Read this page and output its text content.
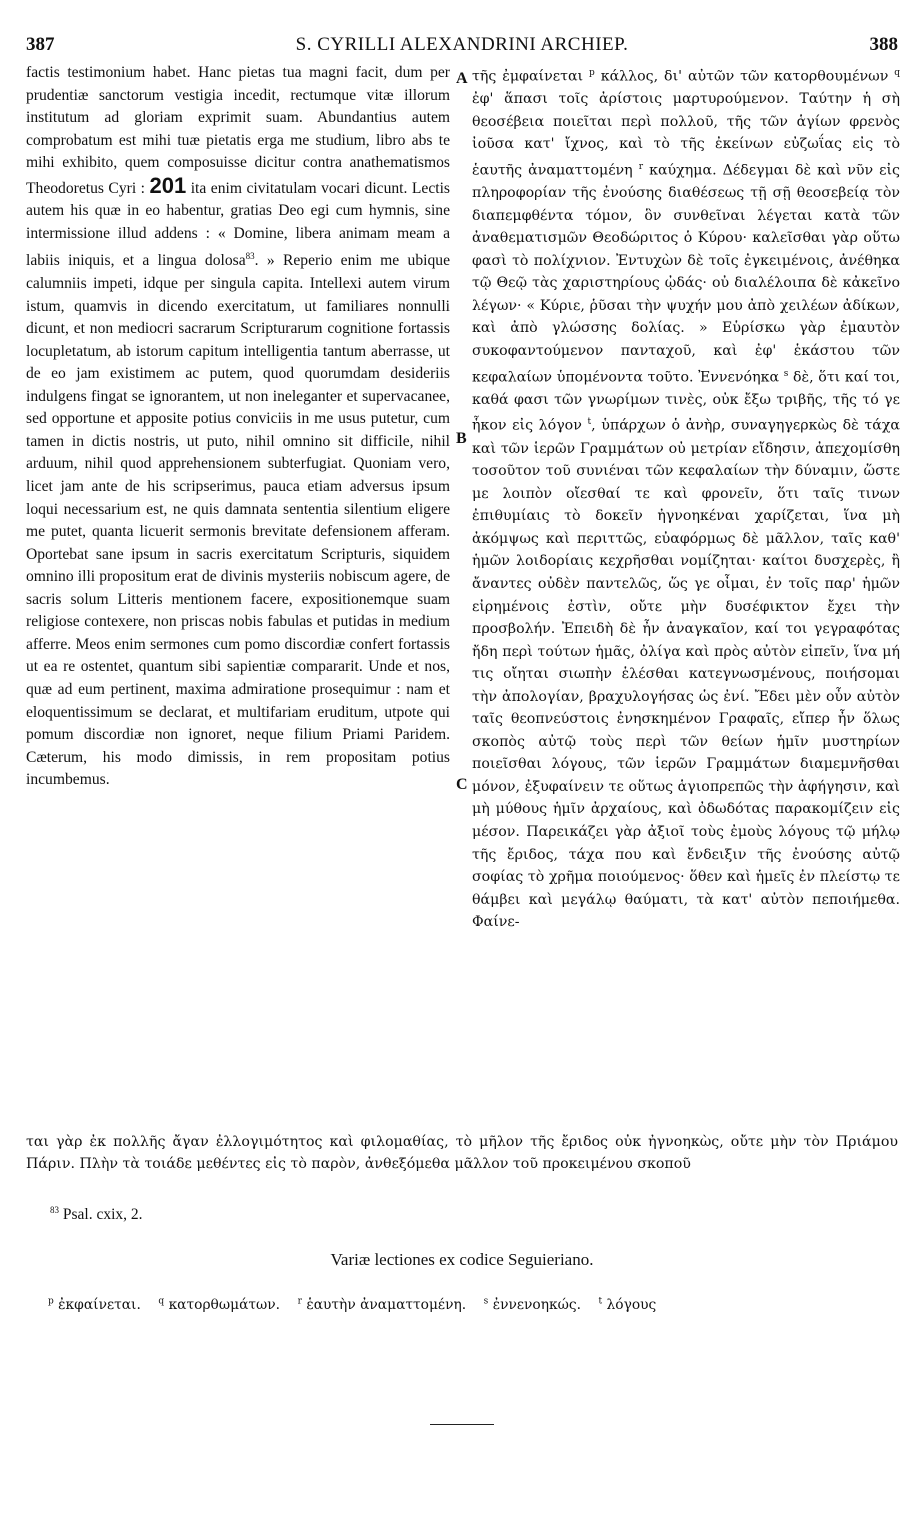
387	S. CYRILLI ALEXANDRINI ARCHIEP.	388

factis testimonium habet. Hanc pietas tua magni facit, dum per prudentiæ sanctorum vestigia incedit, rectumque vitæ illorum institutum ad gloriam exprimit suam. Abundantius autem comprobatum est mihi tuæ pietatis erga me studium, libro abs te mihi exhibito, quem composuisse dicitur contra anathematismos Theodoretus Cyri : 201 ita enim civitatulam vocari dicunt. Lectis autem his quæ in eo habentur, gratias Deo egi cum hymnis, sine intermissione illud addens : « Domine, libera animam meam a labiis iniquis, et a lingua dolosa$^{83}$. » Reperio enim me ubique calumniis impeti, idque per singula capita. Intellexi autem virum istum, quamvis in dicendo exercitatum, ut familiares nonnulli dicunt, et non mediocri sacrarum Scripturarum cognitione fortassis locupletatum, ab istorum capitum intelligentia tantum aberrasse, ut de eo jam existimem ac putem, quod quorumdam desideriis indulgens fingat se ignorantem, ut non ineleganter et supervacanee, sed opportune et apposite potius conviciis in me usus putetur, cum tamen in dictis nostris, ut puto, nihil omnino sit difficile, nihil arduum, nihil quod apprehensionem subterfugiat. Quoniam vero, licet jam ante de his scripserimus, pauca etiam adversus ipsum loqui necessarium est, ne quis damnata sententia silentium eligere me putet, quanta licuerit sermonis brevitate defensionem afferam. Oportebat sane ipsum in sacris exercitatum Scripturis, siquidem omnino illi propositum erat de divinis mysteriis nobiscum agere, de sacris solum Litteris mentionem facere, expositionemque suam religiose contexere, non priscas nobis fabulas et putidas in medium afferre. Meos enim sermones cum pomo discordiæ confert fortassis ut ea re ostentet, quantum sibi sapientiæ compararit. Unde et nos, quæ ad eum pertinent, maxima admiratione prosequimur : nam et eloquentissimum se declarat, et multifariam eruditum, utpote qui pomum discordiæ non ignoret, neque filium Priami Paridem. Cæterum, his modo dimissis, in rem propositam potius incumbemus.

A
B
C

τῆς ἐμφαίνεται $^p$ κάλλος, δι' αὐτῶν τῶν κατορθουμένων $^q$ ἐφ' ἅπασι τοῖς ἀρίστοις μαρτυρούμενον. Ταύτην ἡ σὴ θεοσέβεια ποιεῖται περὶ πολλοῦ, τῆς τῶν ἁγίων φρενὸς ἰοῦσα κατ' ἴχνος, καὶ τὸ τῆς ἐκείνων εὐζωΐας εἰς τὸ ἑαυτῆς ἀναματτομένη $^r$ καύχημα. Δέδεγμαι δὲ καὶ νῦν εἰς πληροφορίαν τῆς ἐνούσης διαθέσεως τῇ σῇ θεοσεβείᾳ τὸν διαπεμφθέντα τόμον, ὃν συνθεῖναι λέγεται κατὰ τῶν ἀναθεματισμῶν Θεοδώριτος ὁ Κύρου· καλεῖσθαι γὰρ οὕτω φασὶ τὸ πολίχνιον. Ἐντυχὼν δὲ τοῖς ἐγκειμένοις, ἀνέθηκα τῷ Θεῷ τὰς χαριστηρίους ᾠδάς· οὐ διαλέλοιπα δὲ κἀκεῖνο λέγων· « Κύριε, ῥῦσαι τὴν ψυχήν μου ἀπὸ χειλέων ἀδίκων, καὶ ἀπὸ γλώσσης δολίας. » Εὑρίσκω γὰρ ἐμαυτὸν συκοφαντούμενον πανταχοῦ, καὶ ἐφ' ἑκάστου τῶν κεφαλαίων ὑπομένοντα τοῦτο. Ἐννενόηκα $^s$ δὲ, ὅτι καί τοι, καθά φασι τῶν γνωρίμων τινὲς, οὐκ ἔξω τριβῆς, τῆς τό γε ἧκον εἰς λόγον $^t$, ὑπάρχων ὁ ἀνὴρ, συναγηγερκὼς δὲ τάχα καὶ τῶν ἱερῶν Γραμμάτων οὐ μετρίαν εἴδησιν, ἀπεχομίσθη τοσοῦτον τοῦ συνιέναι τῶν κεφαλαίων τὴν δύναμιν, ὥστε με λοιπὸν οἴεσθαί τε καὶ φρονεῖν, ὅτι ταῖς τινων ἐπιθυμίαις τὸ δοκεῖν ἠγνοηκέναι χαρίζεται, ἵνα μὴ ἀκόμψως καὶ περιττῶς, εὐαφόρμως δὲ μᾶλλον, ταῖς καθ' ἡμῶν λοιδορίαις κεχρῆσθαι νομίζηται· καίτοι δυσχερὲς, ἢ ἄναντες οὐδὲν παντελῶς, ὥς γε οἶμαι, ἐν τοῖς παρ' ἡμῶν εἰρημένοις ἐστὶν, οὔτε μὴν δυσέφικτον ἔχει τὴν προσβολήν. Ἐπειδὴ δὲ ἦν ἀναγκαῖον, καί τοι γεγραφότας ἤδη περὶ τούτων ἡμᾶς, ὀλίγα καὶ πρὸς αὐτὸν εἰπεῖν, ἵνα μή τις οἴηται σιωπὴν ἑλέσθαι κατεγνωσμένους, ποιήσομαι τὴν ἀπολογίαν, βραχυλογήσας ὡς ἐνί. Ἔδει μὲν οὖν αὐτὸν ταῖς θεοπνεύστοις ἐνησκημένον Γραφαῖς, εἴπερ ἦν ὅλως σκοπὸς αὐτῷ τοὺς περὶ τῶν θείων ἡμῖν μυστηρίων ποιεῖσθαι λόγους, τῶν ἱερῶν Γραμμάτων διαμεμνῆσθαι μόνον, ἐξυφαίνειν τε οὕτως ἁγιοπρεπῶς τὴν ἀφήγησιν, καὶ μὴ μύθους ἡμῖν ἀρχαίους, καὶ ὀδωδότας παρακομίζειν εἰς μέσον. Παρεικάζει γὰρ ἀξιοῖ τοὺς ἐμοὺς λόγους τῷ μήλῳ τῆς ἔριδος, τάχα που καὶ ἔνδειξιν τῆς ἐνούσης αὐτῷ σοφίας τὸ χρῆμα ποιούμενος· ὅθεν καὶ ἡμεῖς ἐν πλείστῳ τε θάμβει καὶ μεγάλῳ θαύματι, τὰ κατ' αὐτὸν πεποιήμεθα. Φαίνε-

ται γὰρ ἐκ πολλῆς ἄγαν ἐλλογιμότητος καὶ φιλομαθίας, τὸ μῆλον τῆς ἔριδος οὐκ ἠγνοηκὼς, οὔτε μὴν τὸν Πριάμου Πάριν. Πλὴν τὰ τοιάδε μεθέντες εἰς τὸ παρὸν, ἀνθεξόμεθα μᾶλλον τοῦ προκειμένου σκοποῦ
$^{83}$ Psal. cxix, 2.
Variæ lectiones ex codice Seguieriano.
$^p$ ἐκφαίνεται. $^q$ κατορθωμάτων. $^r$ ἑαυτὴν ἀναματτομένη. $^s$ ἐννενοηκώς. $^t$ λόγους
